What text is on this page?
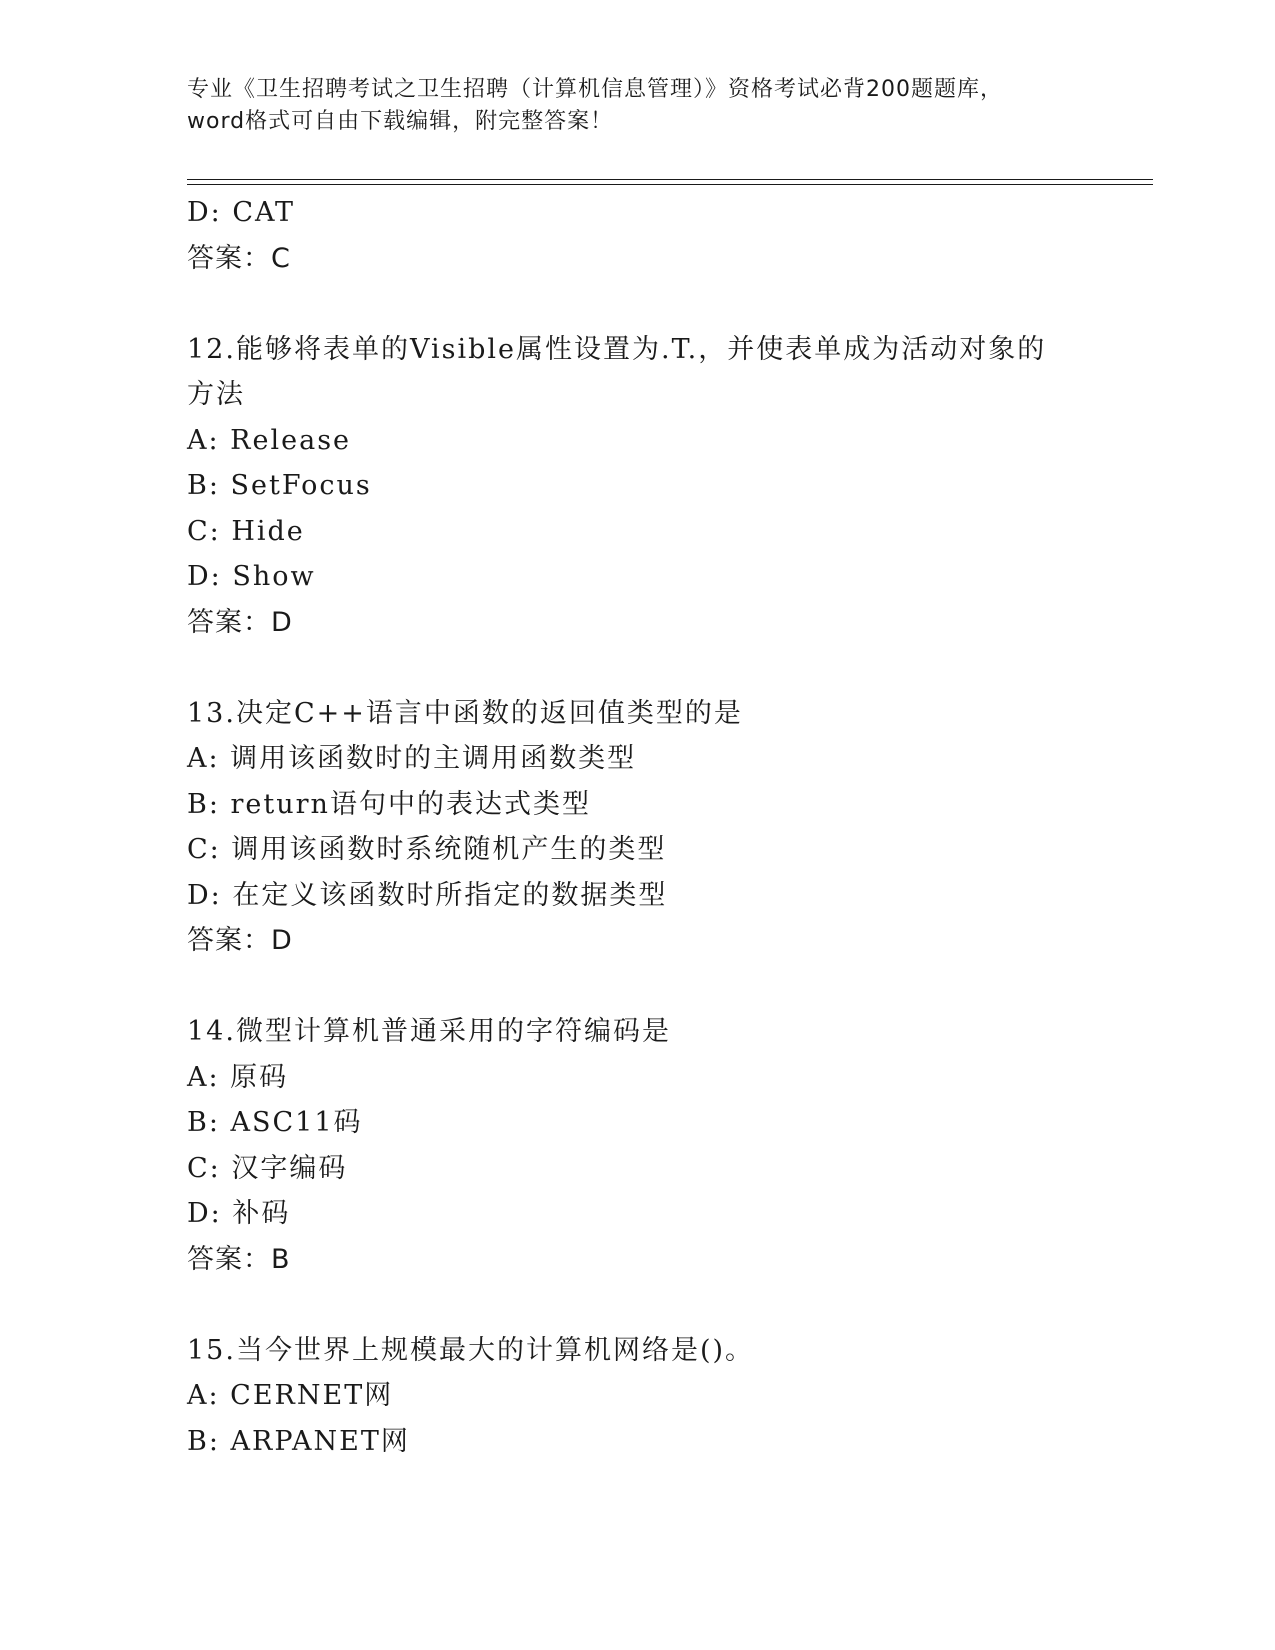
专业《卫生招聘考试之卫生招聘（计算机信息管理）》资格考试必背200题题库，
word格式可自由下载编辑，附完整答案！
D: CAT
答案：C
12.能够将表单的Visible属性设置为.T.，并使表单成为活动对象的
方法
A: Release
B: SetFocus
C: Hide
D: Show
答案：D
13.决定C++语言中函数的返回值类型的是
A: 调用该函数时的主调用函数类型
B: return语句中的表达式类型
C: 调用该函数时系统随机产生的类型
D: 在定义该函数时所指定的数据类型
答案：D
14.微型计算机普通采用的字符编码是
A: 原码
B: ASC11码
C: 汉字编码
D: 补码
答案：B
15.当今世界上规模最大的计算机网络是()。
A: CERNET网
B: ARPANET网
